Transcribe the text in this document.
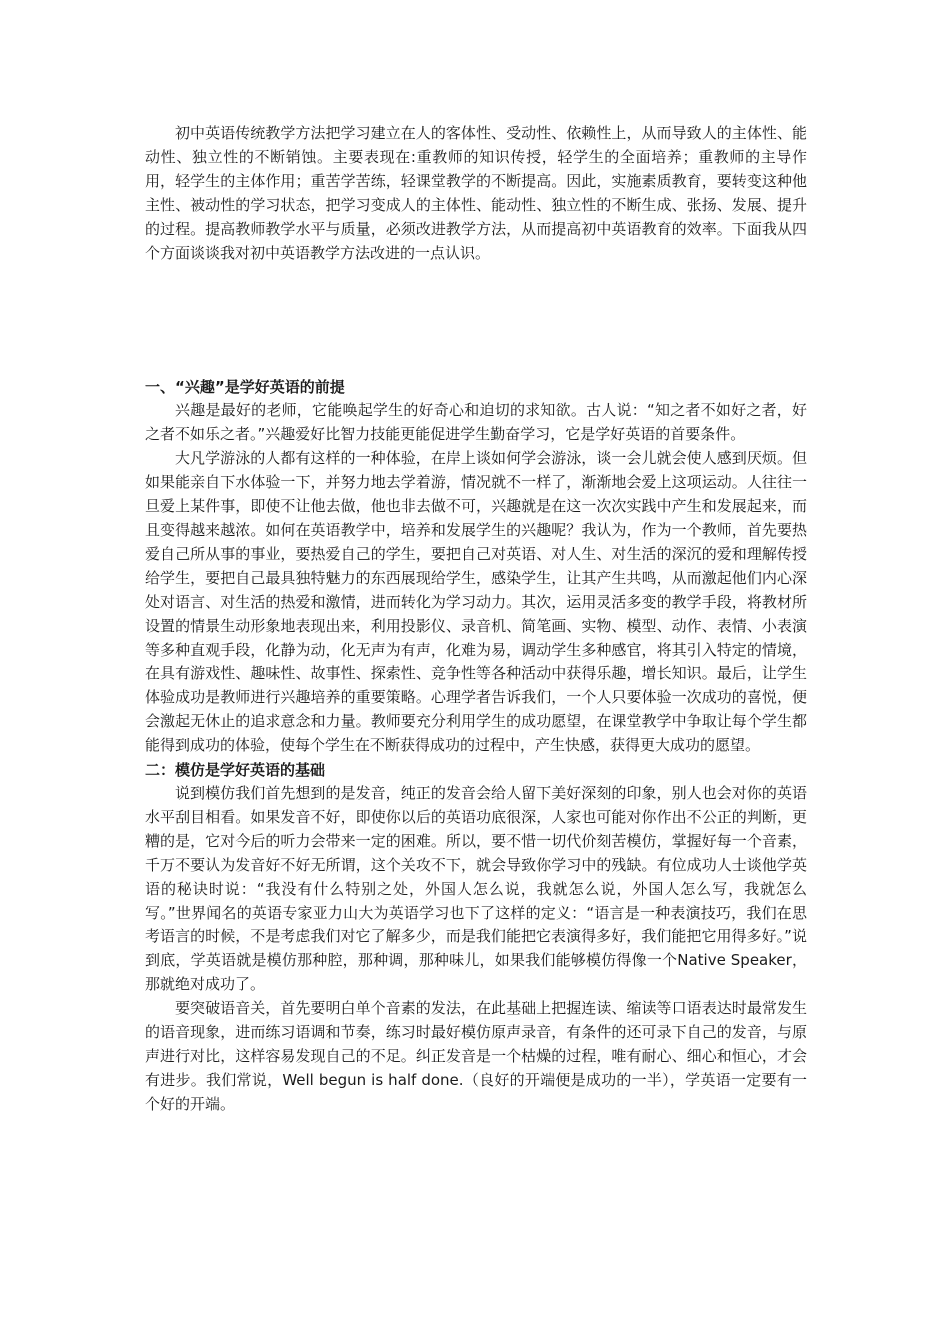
初中英语传统教学方法把学习建立在人的客体性、受动性、依赖性上，从而导致人的主体性、能动性、独立性的不断销蚀。主要表现在:重教师的知识传授，轻学生的全面培养；重教师的主导作用，轻学生的主体作用；重苦学苦练，轻课堂教学的不断提高。因此，实施素质教育，要转变这种他主性、被动性的学习状态，把学习变成人的主体性、能动性、独立性的不断生成、张扬、发展、提升的过程。提高教师教学水平与质量，必须改进教学方法，从而提高初中英语教育的效率。下面我从四个方面谈谈我对初中英语教学方法改进的一点认识。

一、“兴趣”是学好英语的前提

兴趣是最好的老师，它能唤起学生的好奇心和迫切的求知欲。古人说：“知之者不如好之者，好之者不如乐之者。”兴趣爱好比智力技能更能促进学生勤奋学习，它是学好英语的首要条件。

大凡学游泳的人都有这样的一种体验，在岸上谈如何学会游泳，谈一会儿就会使人感到厌烦。但如果能亲自下水体验一下，并努力地去学着游，情况就不一样了，渐渐地会爱上这项运动。人往往一旦爱上某件事，即使不让他去做，他也非去做不可，兴趣就是在这一次次实践中产生和发展起来，而且变得越来越浓。如何在英语教学中，培养和发展学生的兴趣呢？我认为，作为一个教师，首先要热爱自己所从事的事业，要热爱自己的学生，要把自己对英语、对人生、对生活的深沉的爱和理解传授给学生，要把自己最具独特魅力的东西展现给学生，感染学生，让其产生共鸣，从而激起他们内心深处对语言、对生活的热爱和激情，进而转化为学习动力。其次，运用灵活多变的教学手段，将教材所设置的情景生动形象地表现出来，利用投影仪、录音机、简笔画、实物、模型、动作、表情、小表演等多种直观手段，化静为动，化无声为有声，化难为易，调动学生多种感官，将其引入特定的情境，在具有游戏性、趣味性、故事性、探索性、竞争性等各种活动中获得乐趣，增长知识。最后，让学生体验成功是教师进行兴趣培养的重要策略。心理学者告诉我们，一个人只要体验一次成功的喜悦，便会激起无休止的追求意念和力量。教师要充分利用学生的成功愿望，在课堂教学中争取让每个学生都能得到成功的体验，使每个学生在不断获得成功的过程中，产生快感，获得更大成功的愿望。

二：模仿是学好英语的基础

说到模仿我们首先想到的是发音，纯正的发音会给人留下美好深刻的印象，别人也会对你的英语水平刮目相看。如果发音不好，即使你以后的英语功底很深，人家也可能对你作出不公正的判断，更糟的是，它对今后的听力会带来一定的困难。所以，要不惜一切代价刻苦模仿，掌握好每一个音素，千万不要认为发音好不好无所谓，这个关攻不下，就会导致你学习中的残缺。有位成功人士谈他学英语的秘诀时说：“我没有什么特别之处，外国人怎么说，我就怎么说，外国人怎么写，我就怎么写。”世界闻名的英语专家亚力山大为英语学习也下了这样的定义：“语言是一种表演技巧，我们在思考语言的时候，不是考虑我们对它了解多少，而是我们能把它表演得多好，我们能把它用得多好。”说到底，学英语就是模仿那种腔，那种调，那种味儿，如果我们能够模仿得像一个Native Speaker，那就绝对成功了。

要突破语音关，首先要明白单个音素的发法，在此基础上把握连读、缩读等口语表达时最常发生的语音现象，进而练习语调和节奏，练习时最好模仿原声录音，有条件的还可录下自己的发音，与原声进行对比，这样容易发现自己的不足。纠正发音是一个枯燥的过程，唯有耐心、细心和恒心，才会有进步。我们常说，Well begun is half done.（良好的开端便是成功的一半），学英语一定要有一个好的开端。
